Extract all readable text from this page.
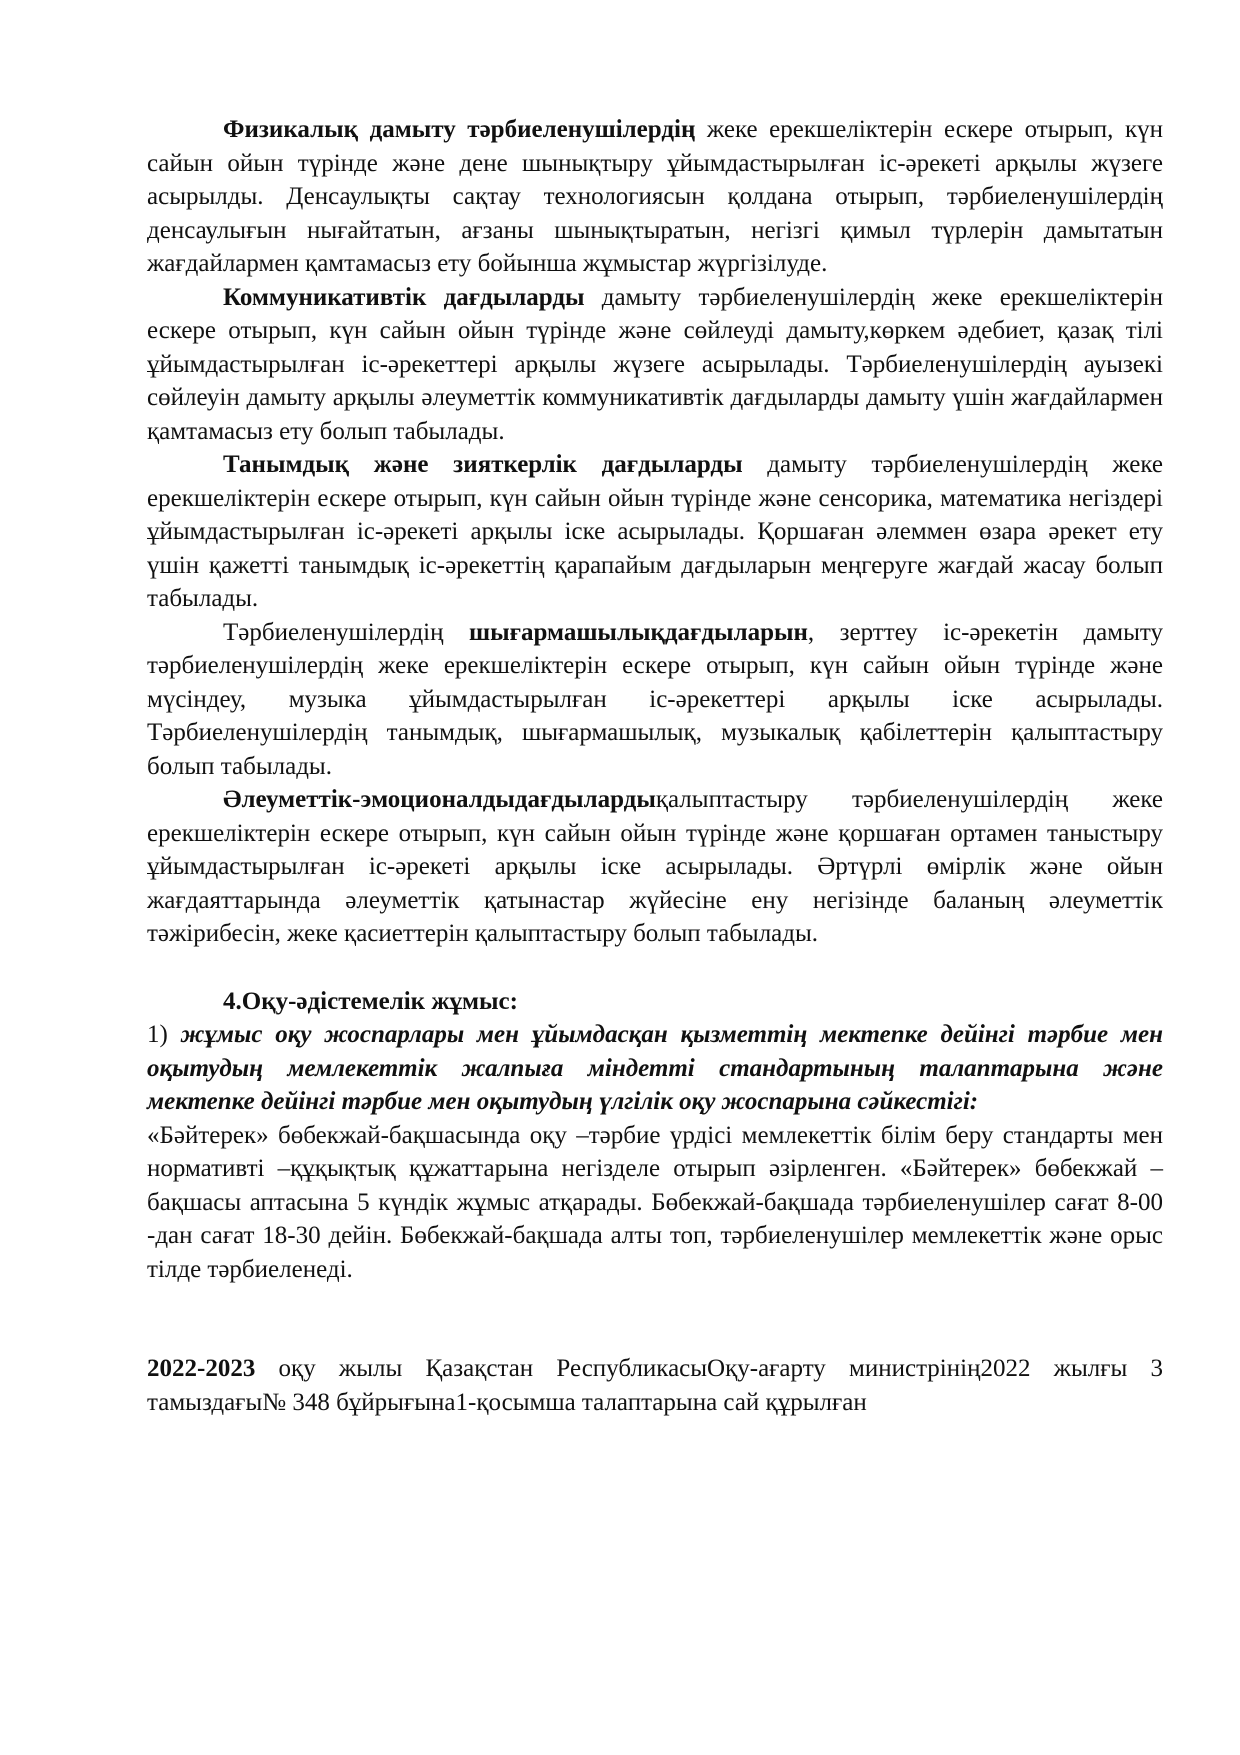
Физикалық дамыту тәрбиеленушілердің жеке ерекшеліктерін ескере отырып, күн сайын ойын түрінде және дене шынықтыру ұйымдастырылған іс-әрекеті арқылы жүзеге асырылды. Денсаулықты сақтау технологиясын қолдана отырып, тәрбиеленушілердің денсаулығын нығайтатын, ағзаны шынықтыратын, негізгі қимыл түрлерін дамытатын жағдайлармен қамтамасыз ету бойынша жұмыстар жүргізілуде.

Коммуникативтік дағдыларды дамыту тәрбиеленушілердің жеке ерекшеліктерін ескере отырып, күн сайын ойын түрінде және сөйлеуді дамыту,көркем әдебиет, қазақ тілі ұйымдастырылған іс-әрекеттері арқылы жүзеге асырылады. Тәрбиеленушілердің ауызекі сөйлеуін дамыту арқылы әлеуметтік коммуникативтік дағдыларды дамыту үшін жағдайлармен қамтамасыз ету болып табылады.

Танымдық және зияткерлік дағдыларды дамыту тәрбиеленушілердің жеке ерекшеліктерін ескере отырып, күн сайын ойын түрінде және сенсорика, математика негіздері ұйымдастырылған іс-әрекеті арқылы іске асырылады. Қоршаған әлеммен өзара әрекет ету үшін қажетті танымдық іс-әрекеттің қарапайым дағдыларын меңгеруге жағдай жасау болып табылады.

Тәрбиеленушілердің шығармашылықдағдыларын, зерттеу іс-әрекетін дамыту тәрбиеленушілердің жеке ерекшеліктерін ескере отырып, күн сайын ойын түрінде және мүсіндеу, музыка ұйымдастырылған іс-әрекеттері арқылы іске асырылады. Тәрбиеленушілердің танымдық, шығармашылық, музыкалық қабілеттерін қалыптастыру болып табылады.

Әлеуметтік-эмоционалдыдағдылардықалыптастыру тәрбиеленушілердің жеке ерекшеліктерін ескере отырып, күн сайын ойын түрінде және қоршаған ортамен таныстыру ұйымдастырылған іс-әрекеті арқылы іске асырылады. Әртүрлі өмірлік және ойын жағдаяттарында әлеуметтік қатынастар жүйесіне ену негізінде баланың әлеуметтік тәжірибесін, жеке қасиеттерін қалыптастыру болып табылады.

4.Оқу-әдістемелік жұмыс:

1) жұмыс оқу жоспарлары мен ұйымдасқан қызметтің мектепке дейінгі тәрбие мен оқытудың мемлекеттік жалпыға міндетті стандартының талаптарына және мектепке дейінгі тәрбие мен оқытудың үлгілік оқу жоспарына сәйкестігі:

«Бәйтерек» бөбекжай-бақшасында оқу –тәрбие үрдісі мемлекеттік білім беру стандарты мен нормативті –құқықтық құжаттарына негізделе отырып әзірленген. «Бәйтерек» бөбекжай – бақшасы аптасына 5 күндік жұмыс атқарады. Бөбекжай-бақшада тәрбиеленушілер сағат 8-00 -дан сағат 18-30 дейін. Бөбекжай-бақшада алты топ, тәрбиеленушілер мемлекеттік және орыс тілде тәрбиеленеді.

2022-2023 оқу жылы Қазақстан РеспубликасыОқу-ағарту министрінің2022 жылғы 3 тамыздағы№ 348 бұйрығына1-қосымша талаптарына сай құрылған
